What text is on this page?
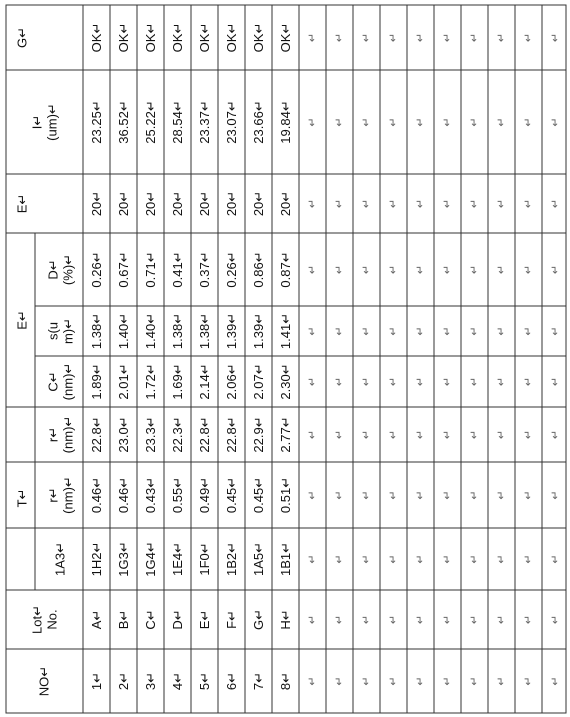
G↵
I↵(um)↵
E↵
E↵
D↵(%)↵
s(um)↵
C↵(nm)↵
T↵
r↵(nm)↵
r↵(nm)↵
1A3↵
Lot↵No.
NO↵
OK↵
23.25↵
20↵
0.26↵
1.38↵
1.89↵
22.8↵
0.46↵
1H2↵
A↵
1↵
OK↵
36.52↵
20↵
0.67↵
1.40↵
2.01↵
23.0↵
0.46↵
1G3↵
B↵
2↵
OK↵
25.22↵
20↵
0.71↵
1.40↵
1.72↵
23.3↵
0.43↵
1G4↵
C↵
3↵
OK↵
28.54↵
20↵
0.41↵
1.38↵
1.69↵
22.3↵
0.55↵
1E4↵
D↵
4↵
OK↵
23.37↵
20↵
0.37↵
1.38↵
2.14↵
22.8↵
0.49↵
1F0↵
E↵
5↵
OK↵
23.07↵
20↵
0.26↵
1.39↵
2.06↵
22.8↵
0.45↵
1B2↵
F↵
6↵
OK↵
23.66↵
20↵
0.86↵
1.39↵
2.07↵
22.9↵
0.45↵
1A5↵
G↵
7↵
OK↵
19.84↵
20↵
0.87↵
1.41↵
2.30↵
2.77↵
0.51↵
1B1↵
H↵
8↵
↵
↵
↵
↵
↵
↵
↵
↵
↵
↵
↵
↵
↵
↵
↵
↵
↵
↵
↵
↵
↵
↵
↵
↵
↵
↵
↵
↵
↵
↵
↵
↵
↵
↵
↵
↵
↵
↵
↵
↵
↵
↵
↵
↵
↵
↵
↵
↵
↵
↵
↵
↵
↵
↵
↵
↵
↵
↵
↵
↵
↵
↵
↵
↵
↵
↵
↵
↵
↵
↵
↵
↵
↵
↵
↵
↵
↵
↵
↵
↵
↵
↵
↵
↵
↵
↵
↵
↵
↵
↵
↵
↵
↵
↵
↵
↵
↵
↵
↵
↵
↵
↵
↵
↵
↵
↵
↵
↵
↵
↵
